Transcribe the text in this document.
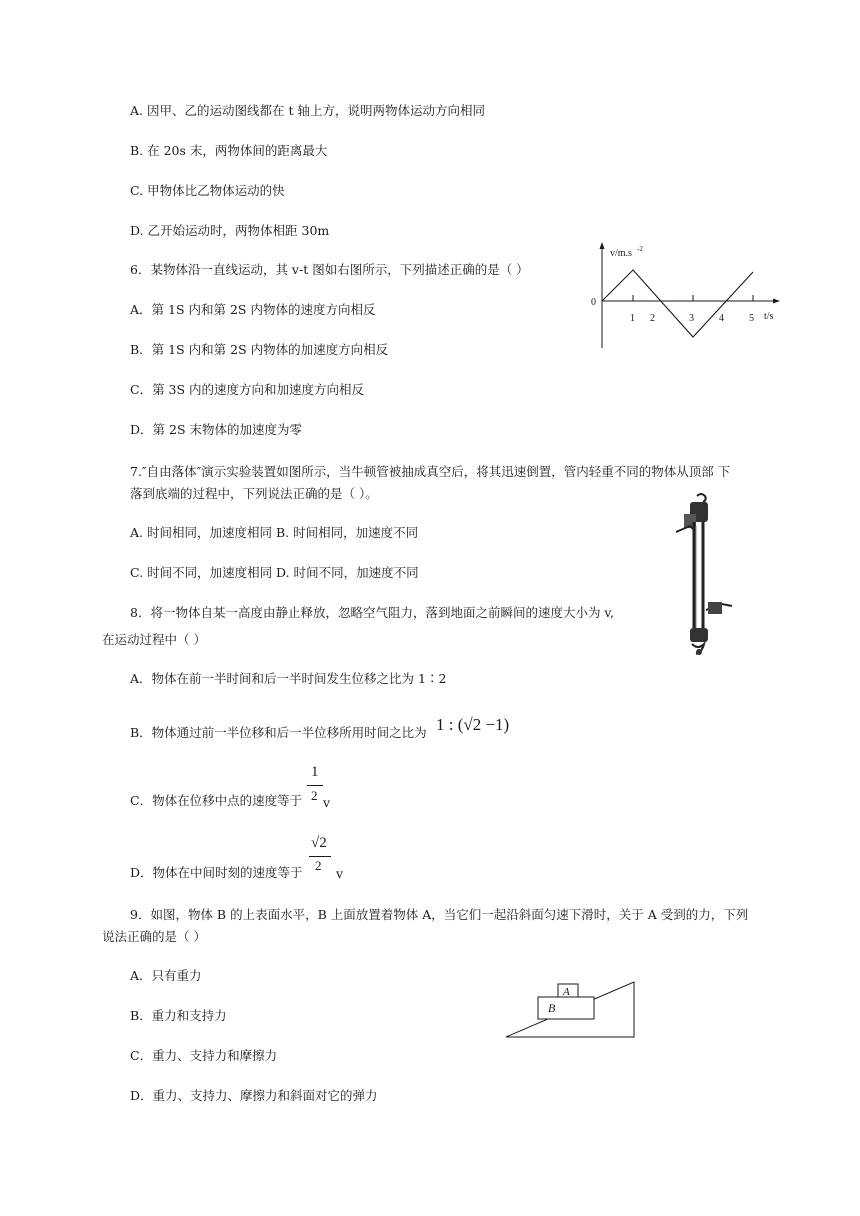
A. 因甲、乙的运动图线都在 t 轴上方，说明两物体运动方向相同
B. 在 20s 末，两物体间的距离最大
C. 甲物体比乙物体运动的快
D. 乙开始运动时，两物体相距 30m
6．某物体沿一直线运动，其 v-t 图如右图所示，下列描述正确的是（ ）
A．第 1S 内和第 2S 内物体的速度方向相反
B．第 1S 内和第 2S 内物体的加速度方向相反
C．第 3S 内的速度方向和加速度方向相反
D．第 2S 末物体的加速度为零
v/m.s -2
0
t/s
1 2	3	4	5
7.″自由落体″演示实验装置如图所示，当牛顿管被抽成真空后，将其迅速倒置，管内轻重不同的物体从顶部 下
落到底端的过程中，下列说法正确的是（ ）。
A. 时间相同，加速度相同 B. 时间相同，加速度不同
C. 时间不同，加速度相同 D. 时间不同，加速度不同
8．将一物体自某一高度由静止释放，忽略空气阻力，落到地面之前瞬间的速度大小为 v,
在运动过程中（ ）
A．物体在前一半时间和后一半时间发生位移之比为 1∶2
B．物体通过前一半位移和后一半位移所用时间之比为 1 : (√2 −1)
C．物体在位移中点的速度等于
1
2 v
D．物体在中间时刻的速度等于
√2
2
v
9．如图，物体 B 的上表面水平，B 上面放置着物体 A，当它们一起沿斜面匀速下滑时，关于 A 受到的力，下列
说法正确的是（ ）
A．只有重力
B．重力和支持力
C．重力、支持力和摩擦力
D．重力、支持力、摩擦力和斜面对它的弹力
A
B
